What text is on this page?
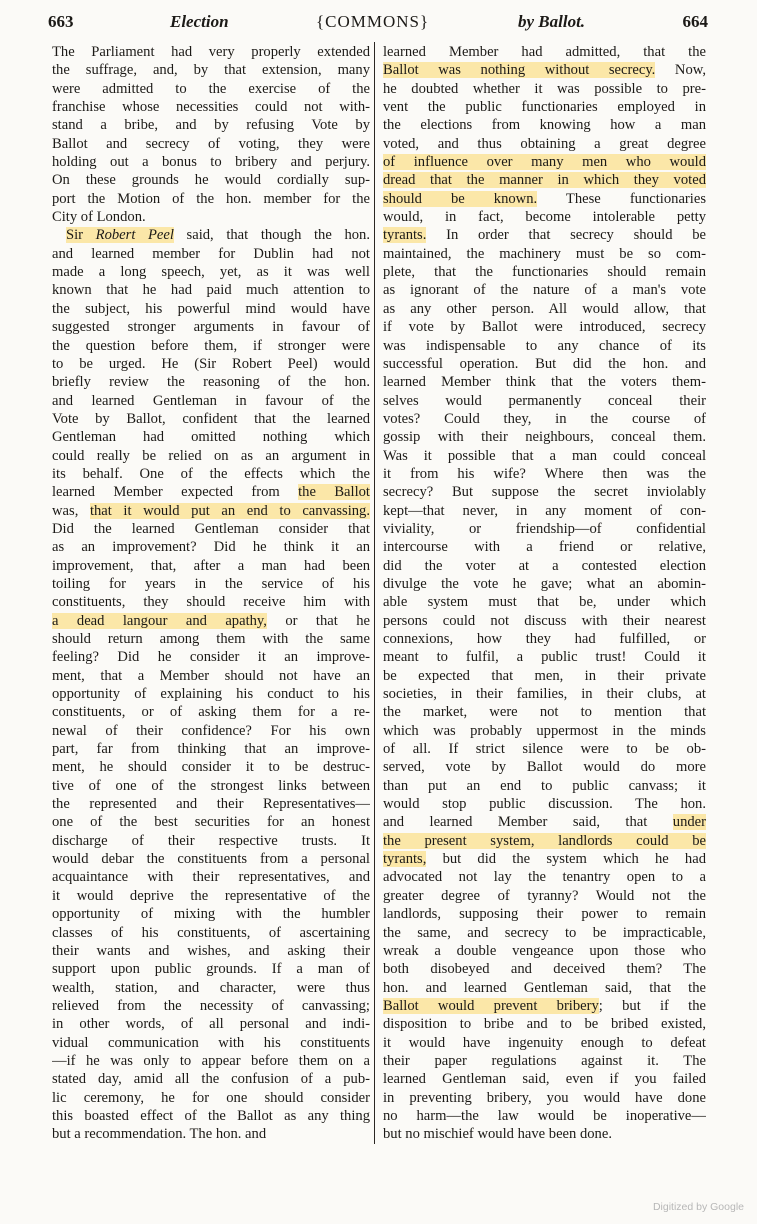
663	Election	{COMMONS}	by Ballot.	664
The Parliament had very properly extended
the suffrage, and, by that extension, many
were admitted to the exercise of the
franchise whose necessities could not with-
stand a bribe, and by refusing Vote by
Ballot and secrecy of voting, they were
holding out a bonus to bribery and perjury.
On these grounds he would cordially sup-
port the Motion of the hon. member for the
City of London.
Sir Robert Peel said, that though the hon.
and learned member for Dublin had not
made a long speech, yet, as it was well
known that he had paid much attention to
the subject, his powerful mind would have
suggested stronger arguments in favour of
the question before them, if stronger were
to be urged. He (Sir Robert Peel) would
briefly review the reasoning of the hon.
and learned Gentleman in favour of the
Vote by Ballot, confident that the learned
Gentleman had omitted nothing which
could really be relied on as an argument in
its behalf. One of the effects which the
learned Member expected from the Ballot
was, that it would put an end to canvassing.
Did the learned Gentleman consider that
as an improvement? Did he think it an
improvement, that, after a man had been
toiling for years in the service of his
constituents, they should receive him with
a dead langour and apathy, or that he
should return among them with the same
feeling? Did he consider it an improve-
ment, that a Member should not have an
opportunity of explaining his conduct to his
constituents, or of asking them for a re-
newal of their confidence? For his own
part, far from thinking that an improve-
ment, he should consider it to be destruc-
tive of one of the strongest links between
the represented and their Representatives—
one of the best securities for an honest
discharge of their respective trusts. It
would debar the constituents from a personal
acquaintance with their representatives, and
it would deprive the representative of the
opportunity of mixing with the humbler
classes of his constituents, of ascertaining
their wants and wishes, and asking their
support upon public grounds. If a man of
wealth, station, and character, were thus
relieved from the necessity of canvassing;
in other words, of all personal and indi-
vidual communication with his constituents
—if he was only to appear before them on a
stated day, amid all the confusion of a pub-
lic ceremony, he for one should consider
this boasted effect of the Ballot as any thing
but a recommendation. The hon. and
learned Member had admitted, that the
Ballot was nothing without secrecy. Now,
he doubted whether it was possible to pre-
vent the public functionaries employed in
the elections from knowing how a man
voted, and thus obtaining a great degree
of influence over many men who would
dread that the manner in which they voted
should be known. These functionaries
would, in fact, become intolerable petty
tyrants. In order that secrecy should be
maintained, the machinery must be so com-
plete, that the functionaries should remain
as ignorant of the nature of a man's vote
as any other person. All would allow, that
if vote by Ballot were introduced, secrecy
was indispensable to any chance of its
successful operation. But did the hon. and
learned Member think that the voters them-
selves would permanently conceal their
votes? Could they, in the course of
gossip with their neighbours, conceal them.
Was it possible that a man could conceal
it from his wife? Where then was the
secrecy? But suppose the secret inviolably
kept—that never, in any moment of con-
viviality, or friendship—of confidential
intercourse with a friend or relative,
did the voter at a contested election
divulge the vote he gave; what an abomin-
able system must that be, under which
persons could not discuss with their nearest
connexions, how they had fulfilled, or
meant to fulfil, a public trust! Could it
be expected that men, in their private
societies, in their families, in their clubs, at
the market, were not to mention that
which was probably uppermost in the minds
of all. If strict silence were to be ob-
served, vote by Ballot would do more
than put an end to public canvass; it
would stop public discussion. The hon.
and learned Member said, that under
the present system, landlords could be
tyrants, but did the system which he had
advocated not lay the tenantry open to a
greater degree of tyranny? Would not the
landlords, supposing their power to remain
the same, and secrecy to be impracticable,
wreak a double vengeance upon those who
both disobeyed and deceived them? The
hon. and learned Gentleman said, that the
Ballot would prevent bribery; but if the
disposition to bribe and to be bribed existed,
it would have ingenuity enough to defeat
their paper regulations against it. The
learned Gentleman said, even if you failed
in preventing bribery, you would have done
no harm—the law would be inoperative—
but no mischief would have been done.
Digitized by Google
